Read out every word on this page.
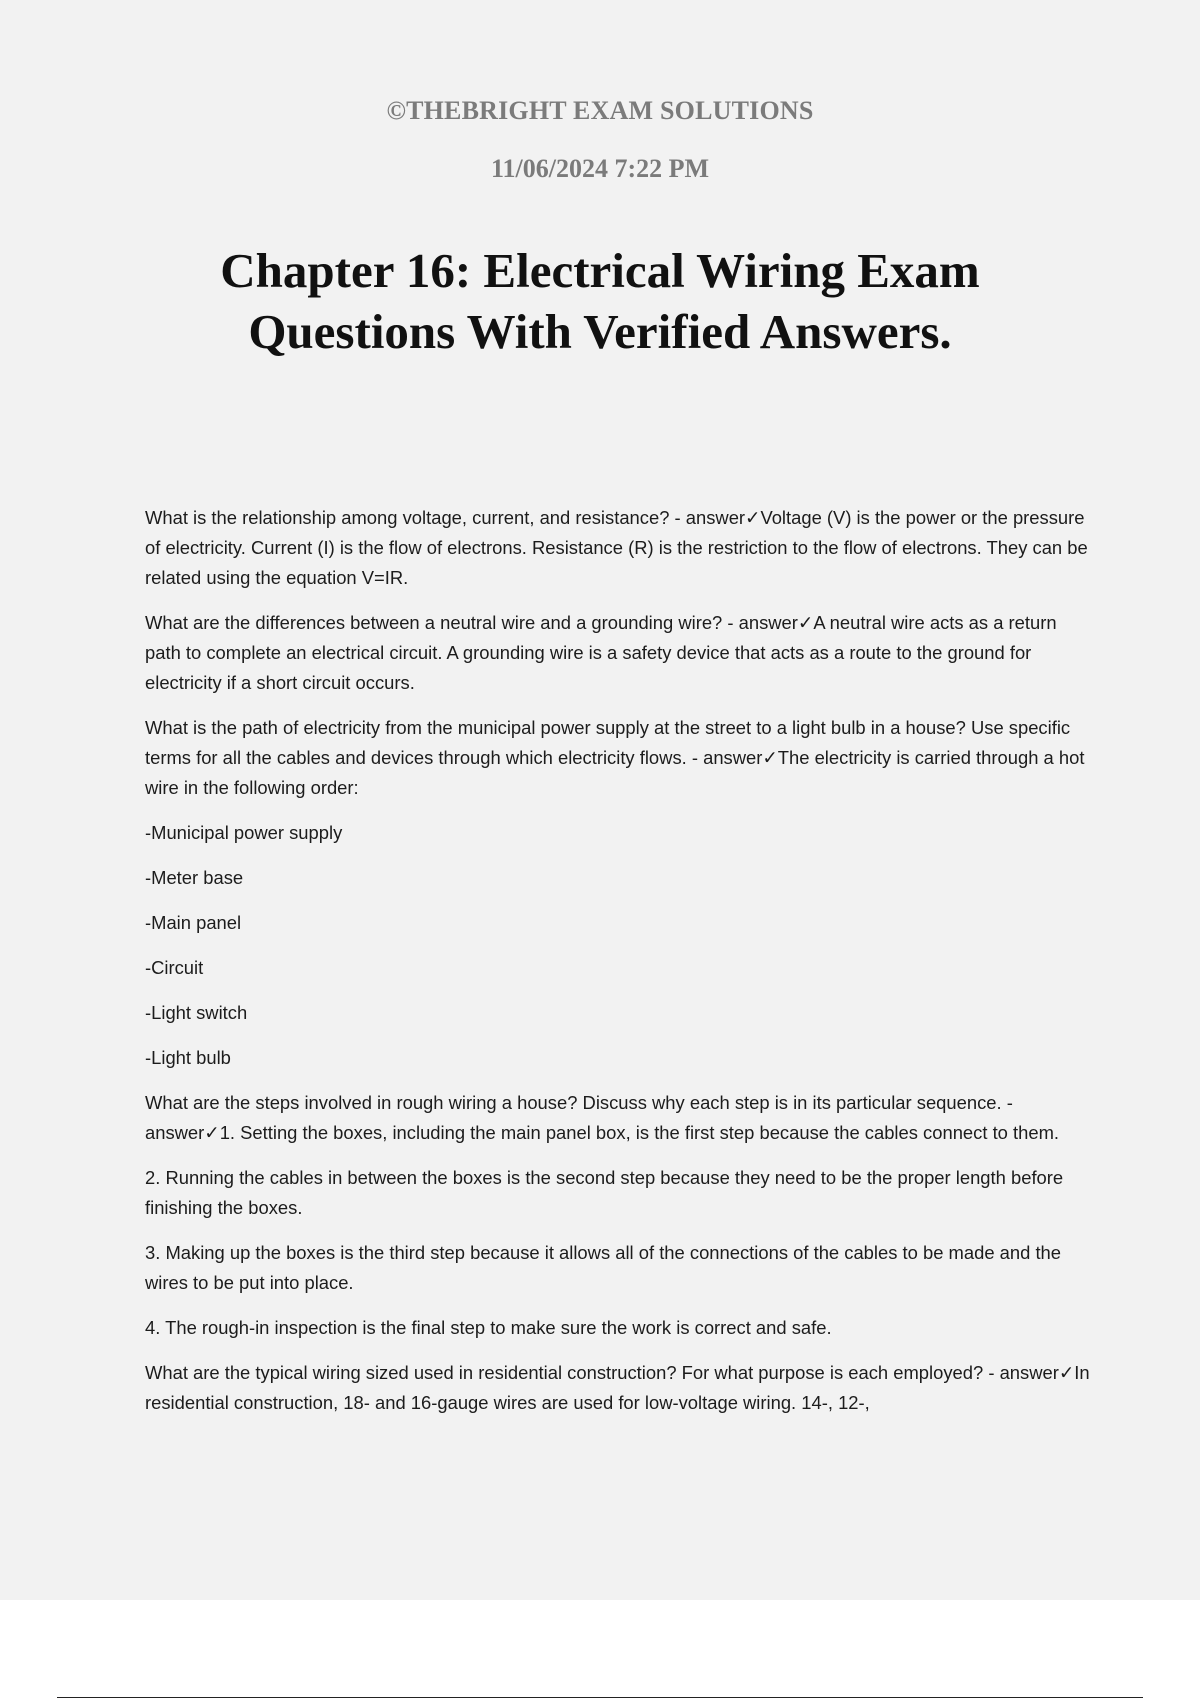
©THEBRIGHT EXAM SOLUTIONS
11/06/2024 7:22 PM
Chapter 16: Electrical Wiring Exam
Questions With Verified Answers.

What is the relationship among voltage, current, and resistance? - answer✓Voltage (V) is the power or the pressure of electricity. Current (I) is the flow of electrons. Resistance (R) is the restriction to the flow of electrons. They can be related using the equation V=IR.

What are the differences between a neutral wire and a grounding wire? - answer✓A neutral wire acts as a return path to complete an electrical circuit. A grounding wire is a safety device that acts as a route to the ground for electricity if a short circuit occurs.

What is the path of electricity from the municipal power supply at the street to a light bulb in a house? Use specific terms for all the cables and devices through which electricity flows. - answer✓The electricity is carried through a hot wire in the following order:

-Municipal power supply

-Meter base

-Main panel

-Circuit

-Light switch

-Light bulb

What are the steps involved in rough wiring a house? Discuss why each step is in its particular sequence. - answer✓1. Setting the boxes, including the main panel box, is the first step because the cables connect to them.

2. Running the cables in between the boxes is the second step because they need to be the proper length before finishing the boxes.

3. Making up the boxes is the third step because it allows all of the connections of the cables to be made and the wires to be put into place.

4. The rough-in inspection is the final step to make sure the work is correct and safe.

What are the typical wiring sized used in residential construction? For what purpose is each employed? - answer✓In residential construction, 18- and 16-gauge wires are used for low-voltage wiring. 14-, 12-,
